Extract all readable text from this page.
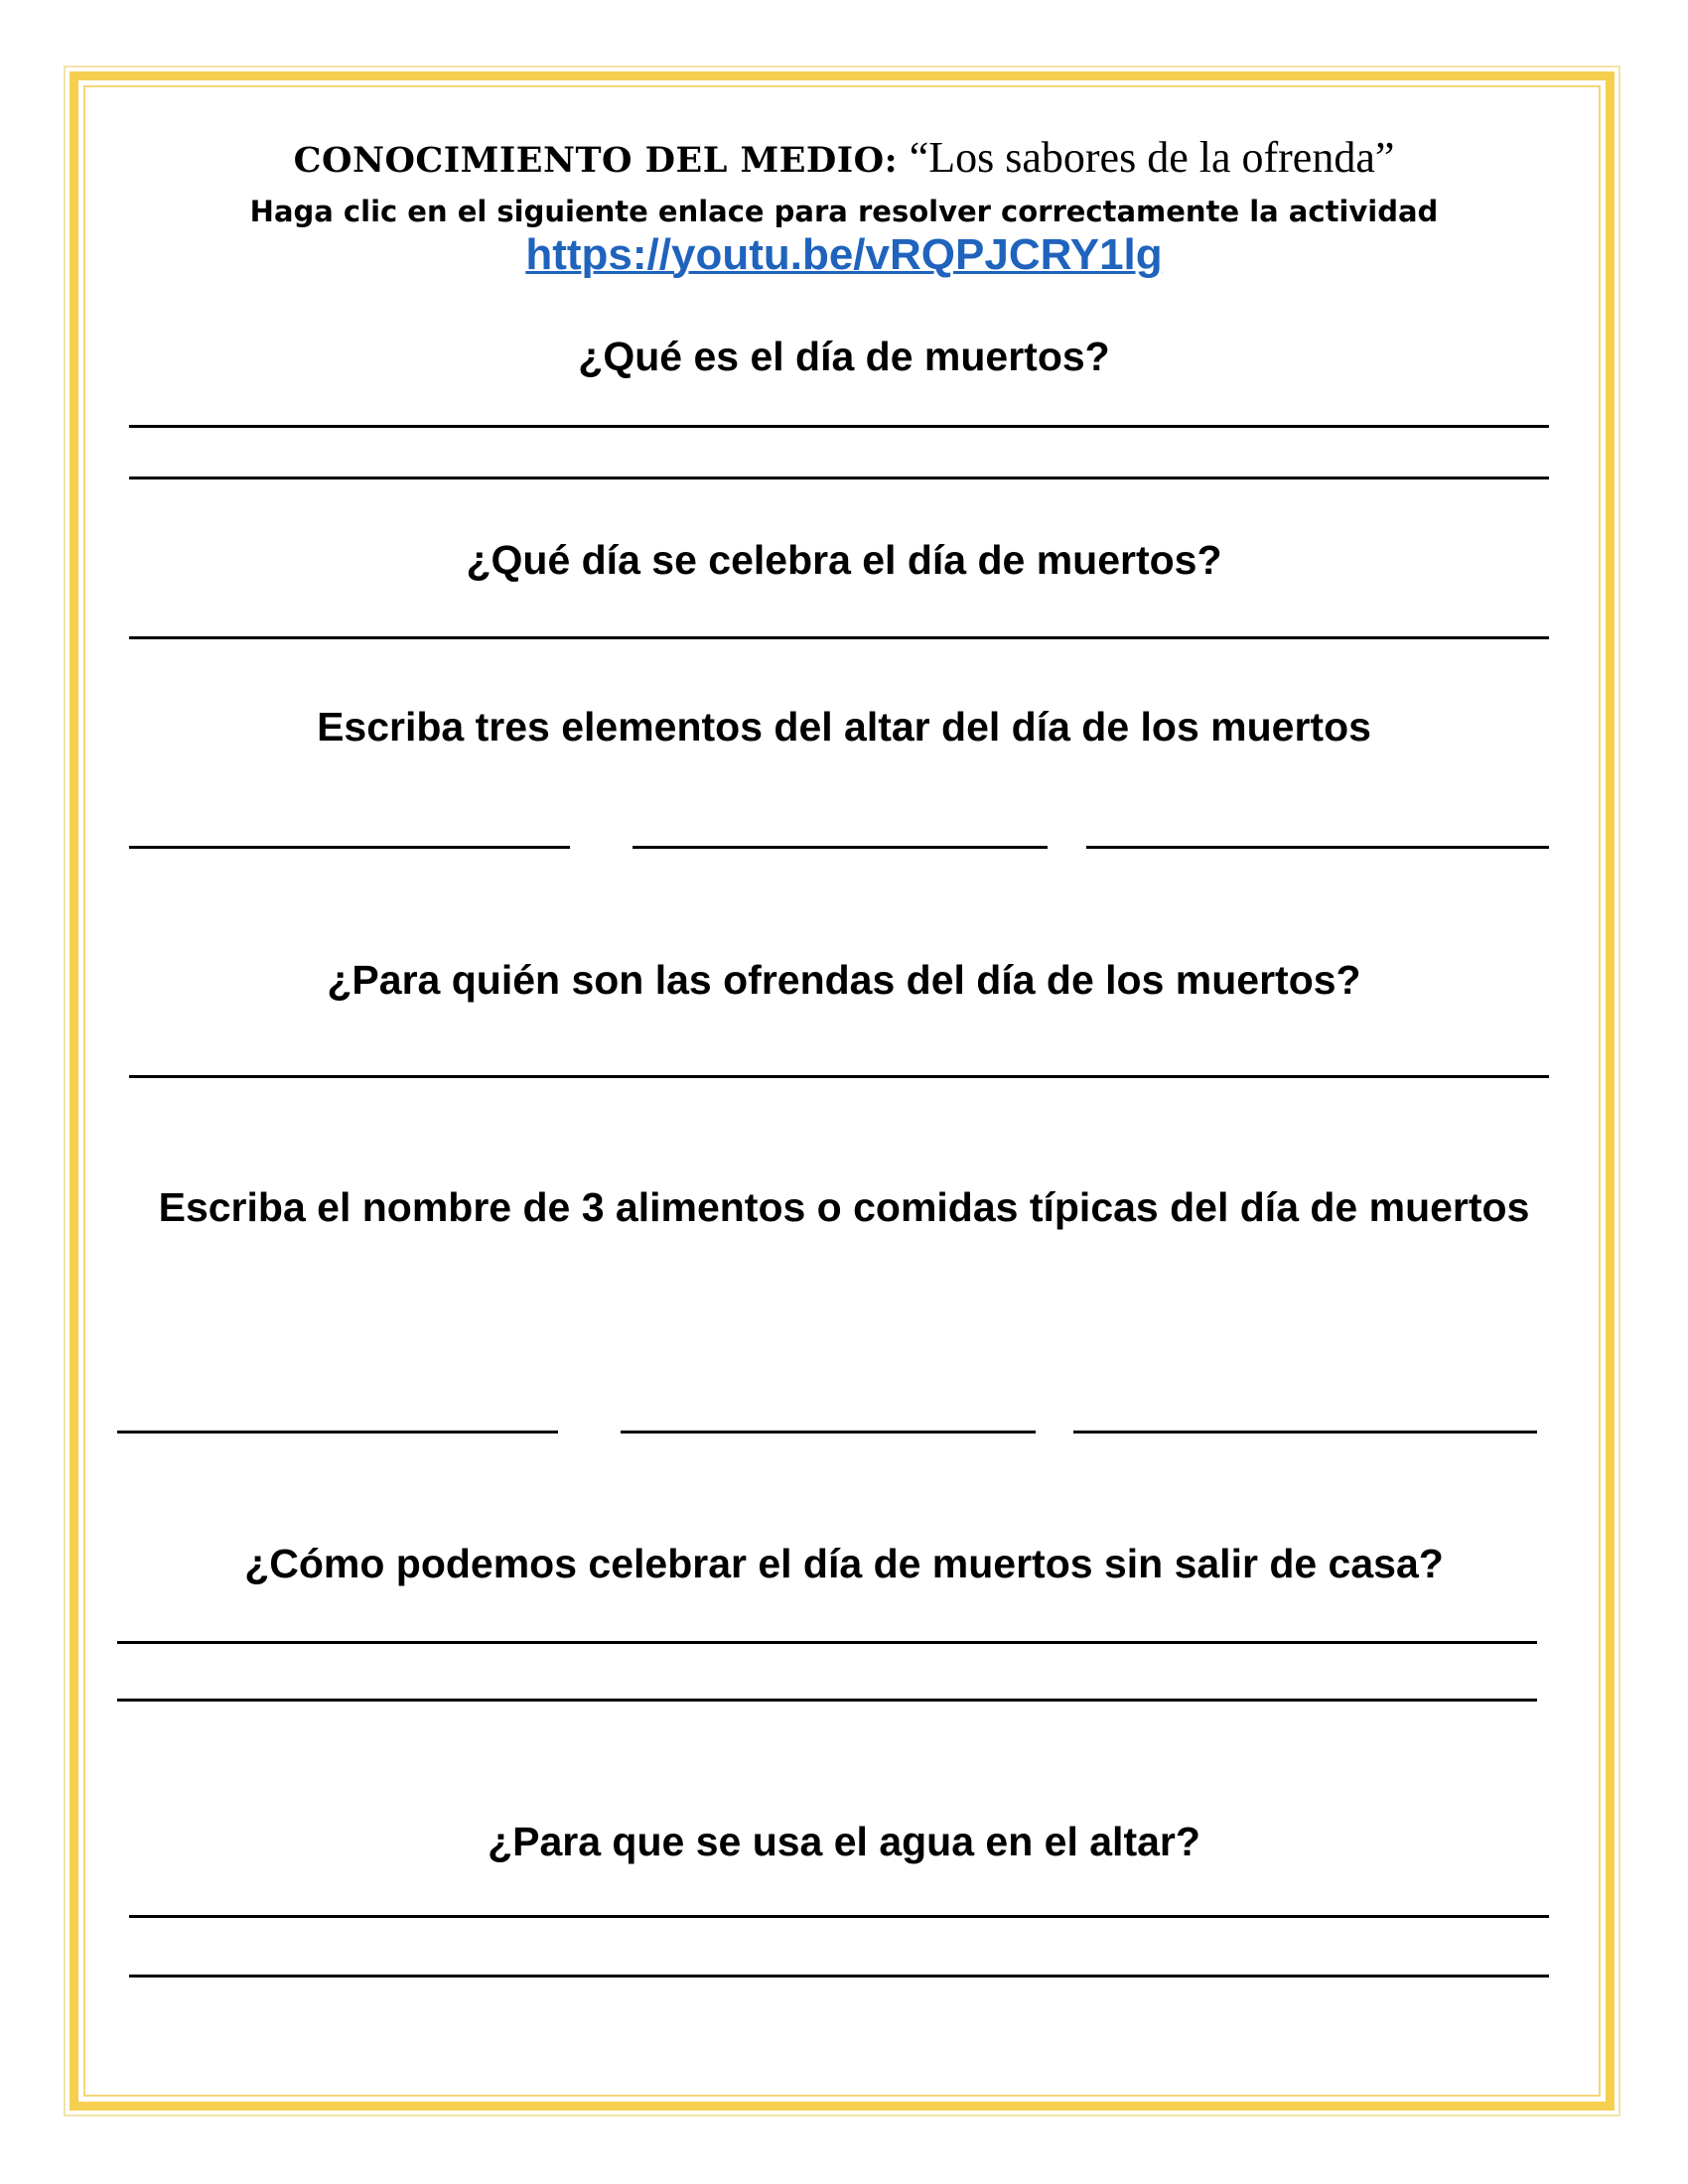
CONOCIMIENTO DEL MEDIO: “Los sabores de la ofrenda”
Haga clic en el siguiente enlace para resolver correctamente la actividad
https://youtu.be/vRQPJCRY1lg
¿Qué es el día de muertos?
¿Qué día se celebra el día de muertos?
Escriba tres elementos del altar del día de los muertos
¿Para quién son las ofrendas del día de los muertos?
Escriba el nombre de 3 alimentos o comidas típicas del día de muertos
¿Cómo podemos celebrar el día de muertos sin salir de casa?
¿Para que se usa el agua en el altar?
